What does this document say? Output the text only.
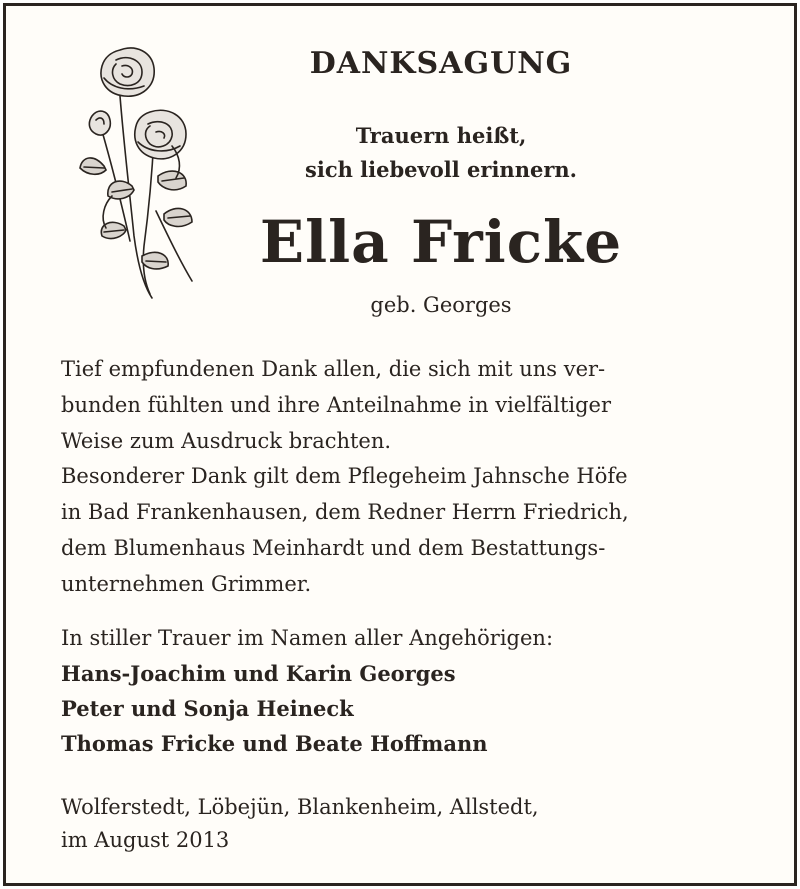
DANKSAGUNG
Trauern heißt,
sich liebevoll erinnern.
Ella Fricke
geb. Georges
Tief empfundenen Dank allen, die sich mit uns ver-
bunden fühlten und ihre Anteilnahme in vielfältiger
Weise zum Ausdruck brachten.
Besonderer Dank gilt dem Pflegeheim Jahnsche Höfe
in Bad Frankenhausen, dem Redner Herrn Friedrich,
dem Blumenhaus Meinhardt und dem Bestattungs-
unternehmen Grimmer.
In stiller Trauer im Namen aller Angehörigen:
Hans-Joachim und Karin Georges
Peter und Sonja Heineck
Thomas Fricke und Beate Hoffmann
Wolferstedt, Löbejün, Blankenheim, Allstedt,
im August 2013
